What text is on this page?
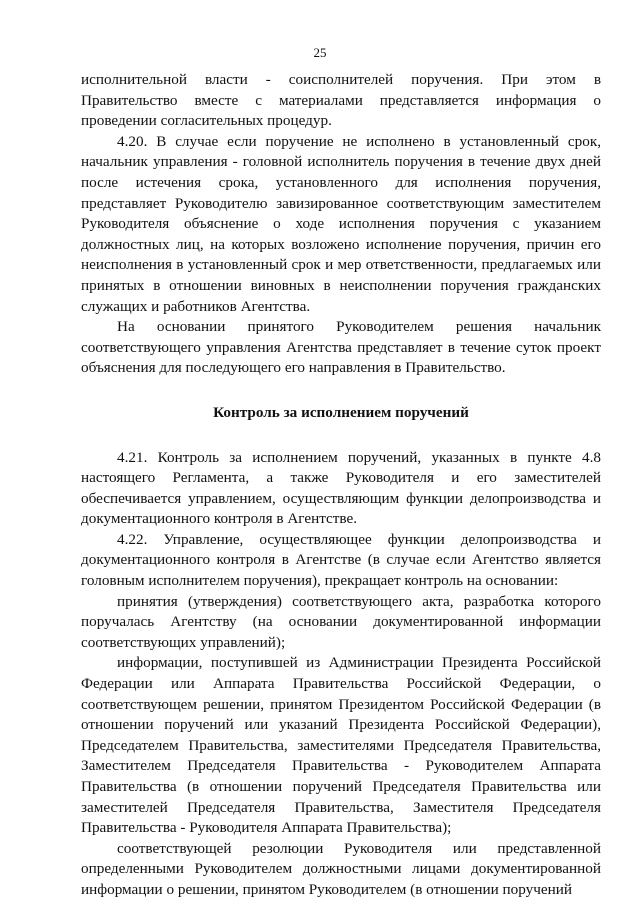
25

исполнительной власти - соисполнителей поручения. При этом в Правительство вместе с материалами представляется информация о проведении согласительных процедур.

4.20. В случае если поручение не исполнено в установленный срок, начальник управления - головной исполнитель поручения в течение двух дней после истечения срока, установленного для исполнения поручения, представляет Руководителю завизированное соответствующим заместителем Руководителя объяснение о ходе исполнения поручения с указанием должностных лиц, на которых возложено исполнение поручения, причин его неисполнения в установленный срок и мер ответственности, предлагаемых или принятых в отношении виновных в неисполнении поручения гражданских служащих и работников Агентства.

На основании принятого Руководителем решения начальник соответствующего управления Агентства представляет в течение суток проект объяснения для последующего его направления в Правительство.

Контроль за исполнением поручений

4.21. Контроль за исполнением поручений, указанных в пункте 4.8 настоящего Регламента, а также Руководителя и его заместителей обеспечивается управлением, осуществляющим функции делопроизводства и документационного контроля в Агентстве.

4.22. Управление, осуществляющее функции делопроизводства и документационного контроля в Агентстве (в случае если Агентство является головным исполнителем поручения), прекращает контроль на основании:

принятия (утверждения) соответствующего акта, разработка которого поручалась Агентству (на основании документированной информации соответствующих управлений);

информации, поступившей из Администрации Президента Российской Федерации или Аппарата Правительства Российской Федерации, о соответствующем решении, принятом Президентом Российской Федерации (в отношении поручений или указаний Президента Российской Федерации), Председателем Правительства, заместителями Председателя Правительства, Заместителем Председателя Правительства - Руководителем Аппарата Правительства (в отношении поручений Председателя Правительства или заместителей Председателя Правительства, Заместителя Председателя Правительства - Руководителя Аппарата Правительства);

соответствующей резолюции Руководителя или представленной определенными Руководителем должностными лицами документированной информации о решении, принятом Руководителем (в отношении поручений
